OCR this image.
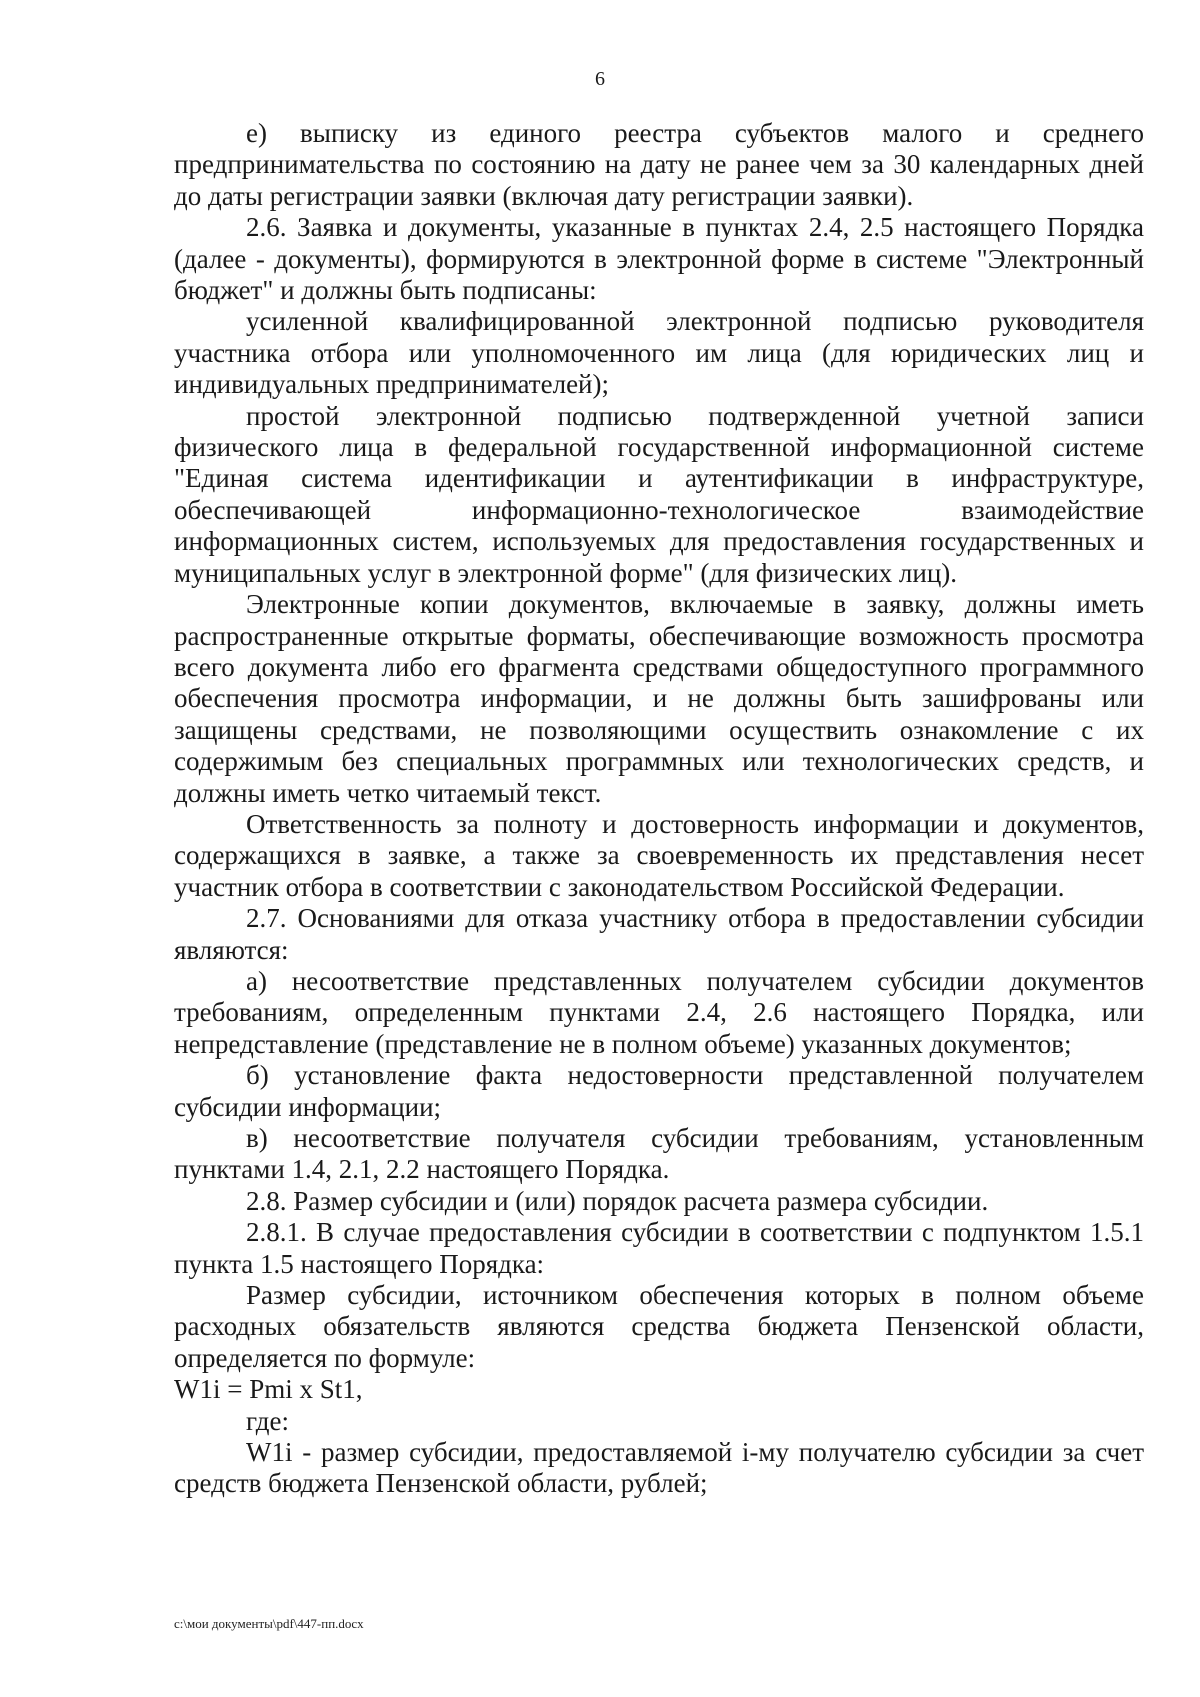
6

е) выписку из единого реестра субъектов малого и среднего предпринимательства по состоянию на дату не ранее чем за 30 календарных дней до даты регистрации заявки (включая дату регистрации заявки).

2.6. Заявка и документы, указанные в пунктах 2.4, 2.5 настоящего Порядка (далее - документы), формируются в электронной форме в системе "Электронный бюджет" и должны быть подписаны:

усиленной квалифицированной электронной подписью руководителя участника отбора или уполномоченного им лица (для юридических лиц и индивидуальных предпринимателей);

простой электронной подписью подтвержденной учетной записи физического лица в федеральной государственной информационной системе "Единая система идентификации и аутентификации в инфраструктуре, обеспечивающей информационно-технологическое взаимодействие информационных систем, используемых для предоставления государственных и муниципальных услуг в электронной форме" (для физических лиц).

Электронные копии документов, включаемые в заявку, должны иметь распространенные открытые форматы, обеспечивающие возможность просмотра всего документа либо его фрагмента средствами общедоступного программного обеспечения просмотра информации, и не должны быть зашифрованы или защищены средствами, не позволяющими осуществить ознакомление с их содержимым без специальных программных или технологических средств, и должны иметь четко читаемый текст.

Ответственность за полноту и достоверность информации и документов, содержащихся в заявке, а также за своевременность их представления несет участник отбора в соответствии с законодательством Российской Федерации.

2.7. Основаниями для отказа участнику отбора в предоставлении субсидии являются:

а) несоответствие представленных получателем субсидии документов требованиям, определенным пунктами 2.4, 2.6 настоящего Порядка, или непредставление (представление не в полном объеме) указанных документов;

б) установление факта недостоверности представленной получателем субсидии информации;

в) несоответствие получателя субсидии требованиям, установленным пунктами 1.4, 2.1, 2.2 настоящего Порядка.

2.8. Размер субсидии и (или) порядок расчета размера субсидии.

2.8.1. В случае предоставления субсидии в соответствии с подпунктом 1.5.1 пункта 1.5 настоящего Порядка:

Размер субсидии, источником обеспечения которых в полном объеме расходных обязательств являются средства бюджета Пензенской области, определяется по формуле:

W1i = Pmi x St1,

где:

W1i - размер субсидии, предоставляемой i-му получателю субсидии за счет средств бюджета Пензенской области, рублей;

c:\мои документы\pdf\447-пп.docx
